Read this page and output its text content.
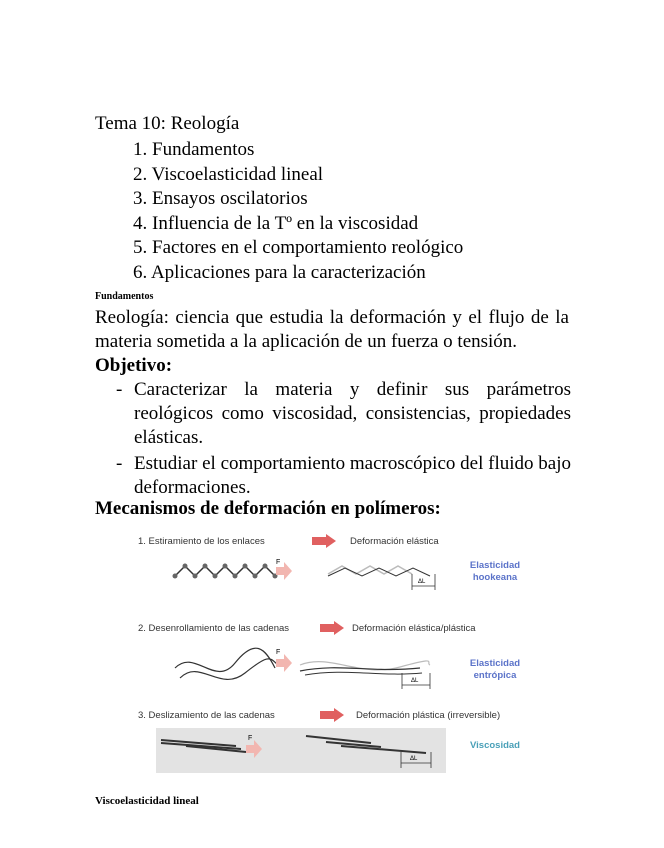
Tema 10: Reología
1. Fundamentos
2. Viscoelasticidad lineal
3. Ensayos oscilatorios
4. Influencia de la Tº en la viscosidad
5. Factores en el comportamiento reológico
6. Aplicaciones para la caracterización
Fundamentos
Reología: ciencia que estudia la deformación y el flujo de la materia sometida a la aplicación de un fuerza o tensión.
Objetivo:
- Caracterizar la materia y definir sus parámetros reológicos como viscosidad, consistencias, propiedades elásticas.
- Estudiar el comportamiento macroscópico del fluido bajo deformaciones.
Mecanismos de deformación en polímeros:
1. Estiramiento de los enlaces	Deformación elástica
Elasticidad
hookeana
F
ΔL
2. Desenrollamiento de las cadenas	Deformación elástica/plástica
Elasticidad
entrópica
F
ΔL
3. Deslizamiento de las cadenas	Deformación plástica (irreversible)
Viscosidad
F
ΔL
Viscoelasticidad lineal
